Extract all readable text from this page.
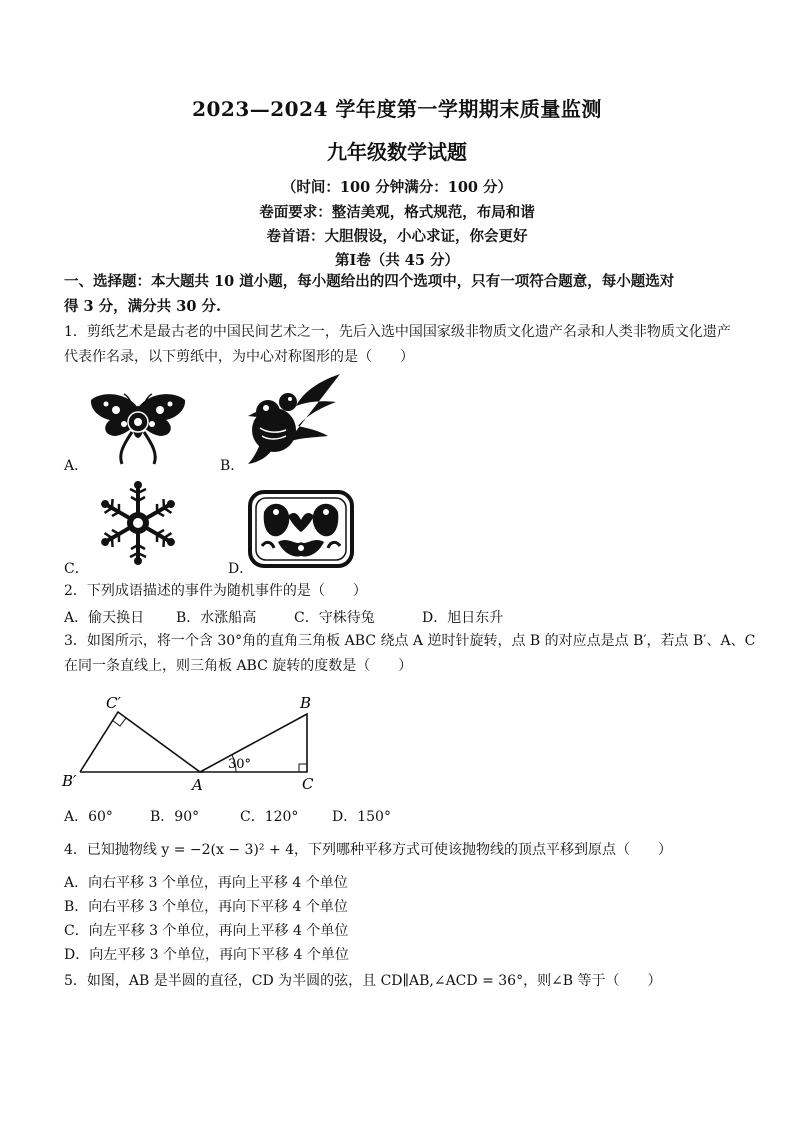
2023—2024 学年度第一学期期末质量监测
九年级数学试题
（时间：100 分钟满分：100 分）
卷面要求：整洁美观，格式规范，布局和谐
卷首语：大胆假设，小心求证，你会更好
第Ⅰ卷（共 45 分）
一、选择题：本大题共 10 道小题，每小题给出的四个选项中，只有一项符合题意，每小题选对
得 3 分，满分共 30 分.
1．剪纸艺术是最古老的中国民间艺术之一，先后入选中国国家级非物质文化遗产名录和人类非物质文化遗产
代表作名录，以下剪纸中，为中心对称图形的是（　　）
A．	B．
C．	D．
2．下列成语描述的事件为随机事件的是（　　）
A．偷天换日 B．水涨船高	C．守株待兔	D．旭日东升
3．如图所示，将一个含 30°角的直角三角板 ABC 绕点 A 逆时针旋转，点 B 的对应点是点 B′，若点 B′、A、C
在同一条直线上，则三角板 ABC 旋转的度数是（　　）
C′
B′	A
B
C
30°
A．60°	B．90°	C．120° D．150°
4．已知抛物线 y = −2(x − 3)² + 4，下列哪种平移方式可使该抛物线的顶点平移到原点（　　）
A．向右平移 3 个单位，再向上平移 4 个单位
B．向右平移 3 个单位，再向下平移 4 个单位
C．向左平移 3 个单位，再向上平移 4 个单位
D．向左平移 3 个单位，再向下平移 4 个单位
5．如图，AB 是半圆的直径，CD 为半圆的弦，且 CD∥AB,∠ACD = 36°，则∠B 等于（　　）
